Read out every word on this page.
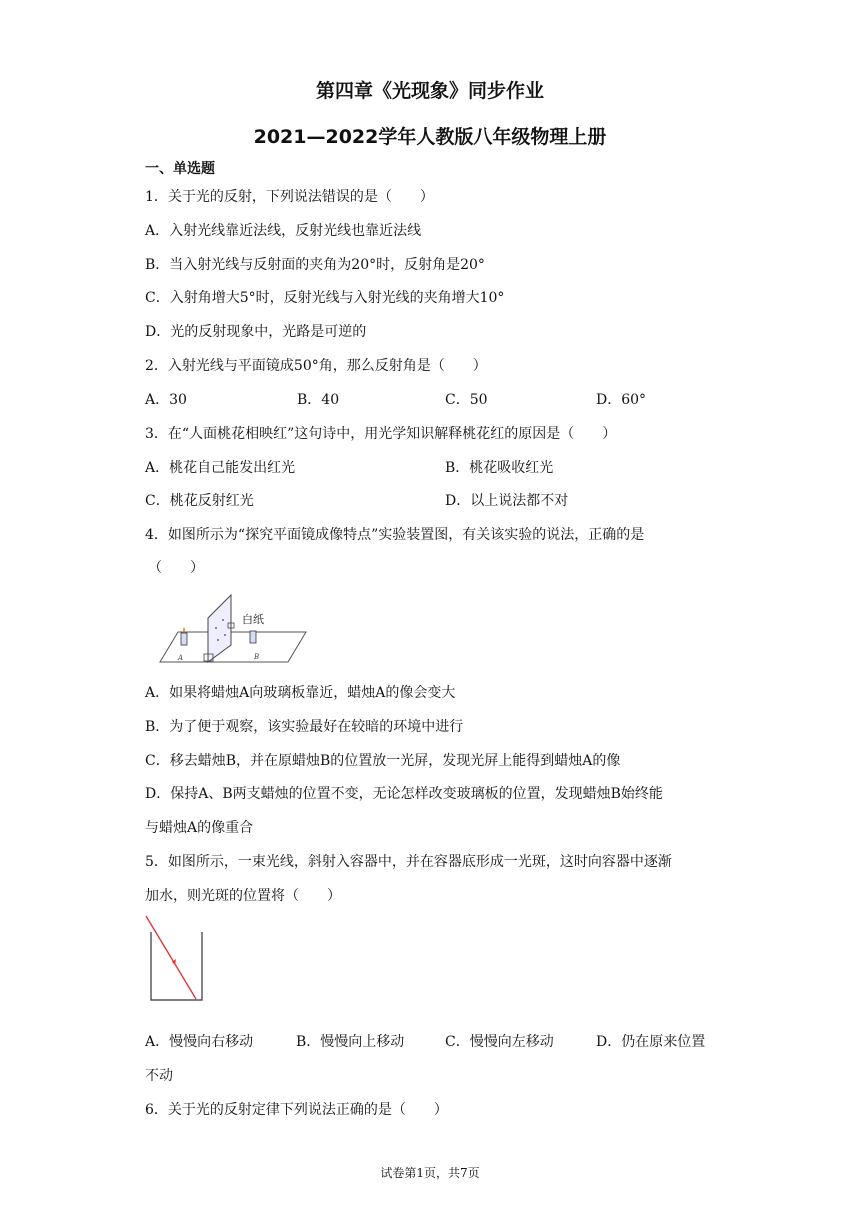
第四章《光现象》同步作业
2021—2022学年人教版八年级物理上册
一、单选题
1．关于光的反射，下列说法错误的是（　　）
A．入射光线靠近法线，反射光线也靠近法线
B．当入射光线与反射面的夹角为20°时，反射角是20°
C．入射角增大5°时，反射光线与入射光线的夹角增大10°
D．光的反射现象中，光路是可逆的
2．入射光线与平面镜成50°角，那么反射角是（　　）
A．30	B．40	C．50	D．60°
3．在“人面桃花相映红”这句诗中，用光学知识解释桃花红的原因是（　　）
A．桃花自己能发出红光	B．桃花吸收红光
C．桃花反射红光	D．以上说法都不对
4．如图所示为“探究平面镜成像特点”实验装置图，有关该实验的说法，正确的是
（　　）
白纸
A	B
A．如果将蜡烛A向玻璃板靠近，蜡烛A的像会变大
B．为了便于观察，该实验最好在较暗的环境中进行
C．移去蜡烛B，并在原蜡烛B的位置放一光屏，发现光屏上能得到蜡烛A的像
D．保持A、B两支蜡烛的位置不变，无论怎样改变玻璃板的位置，发现蜡烛B始终能
与蜡烛A的像重合
5．如图所示，一束光线，斜射入容器中，并在容器底形成一光斑，这时向容器中逐渐
加水，则光斑的位置将（　　）
A．慢慢向右移动	B．慢慢向上移动	C．慢慢向左移动	D．仍在原来位置
不动
6．关于光的反射定律下列说法正确的是（　　）
试卷第1页，共7页
